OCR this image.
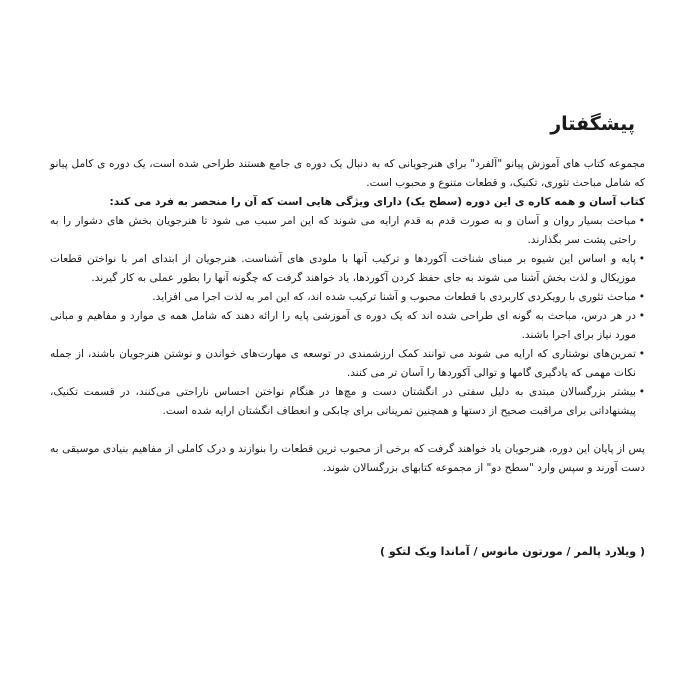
پیشگفتار

مجموعه کتاب های آموزش پیانو "آلفرد" برای هنرجویانی که به دنبال یک دوره ی جامع هستند طراحی شده است، یک دوره ی کامل پیانو که شامل مباحث تئوری، تکنیک، و قطعات متنوع و محبوب است.

کتاب آسان و همه کاره ی این دوره (سطح یک) دارای ویژگی هایی است که آن را منحصر به فرد می کند:

• مباحث بسیار روان و آسان و به صورت قدم به قدم ارایه می شوند که این امر سبب می شود تا هنرجویان بخش های دشوار را به راحتی پشت سر بگذارند.
• پایه و اساس این شیوه بر مبنای شناخت آکوردها و ترکیب آنها با ملودی های آشناست. هنرجویان از ابتدای امر با نواختن قطعات موزیکال و لذت بخش آشنا می شوند به جای حفظ کردن آکوردها، یاد خواهند گرفت که چگونه آنها را بطور عملی به کار گیرند.
• مباحث تئوری با رویکردی کاربردی با قطعات محبوب و آشنا ترکیب شده اند، که این امر به لذت اجرا می افزاید.
• در هر درس، مباحث به گونه ای طراحی شده اند که یک دوره ی آموزشی پایه را ارائه دهند که شامل همه ی موارد و مفاهیم و مبانی مورد نیاز برای اجرا باشند.
• تمرین‌های نوشتاری که ارایه می شوند می توانند کمک ارزشمندی در توسعه ی مهارت‌های خواندن و نوشتن هنرجویان باشند، از جمله نکات مهمی که یادگیری گامها و توالی آکوردها را آسان تر می کنند.
• بیشتر بزرگسالان مبتدی به دلیل سفتی در انگشتان دست و مچ‌ها در هنگام نواختن احساس ناراحتی می‌کنند، در قسمت تکنیک، پیشنهاداتی برای مراقبت صحیح از دستها و همچنین تمریناتی برای چابکی و انعطاف انگشتان ارایه شده است.

پس از پایان این دوره، هنرجویان یاد خواهند گرفت که برخی از محبوب ترین قطعات را بنوازند و درک کاملی از مفاهیم بنیادی موسیقی به دست آورند و سپس وارد "سطح دو" از مجموعه کتابهای بزرگسالان شوند.

( ویلارد پالمر / مورتون مانوس / آماندا ویک لتکو )
